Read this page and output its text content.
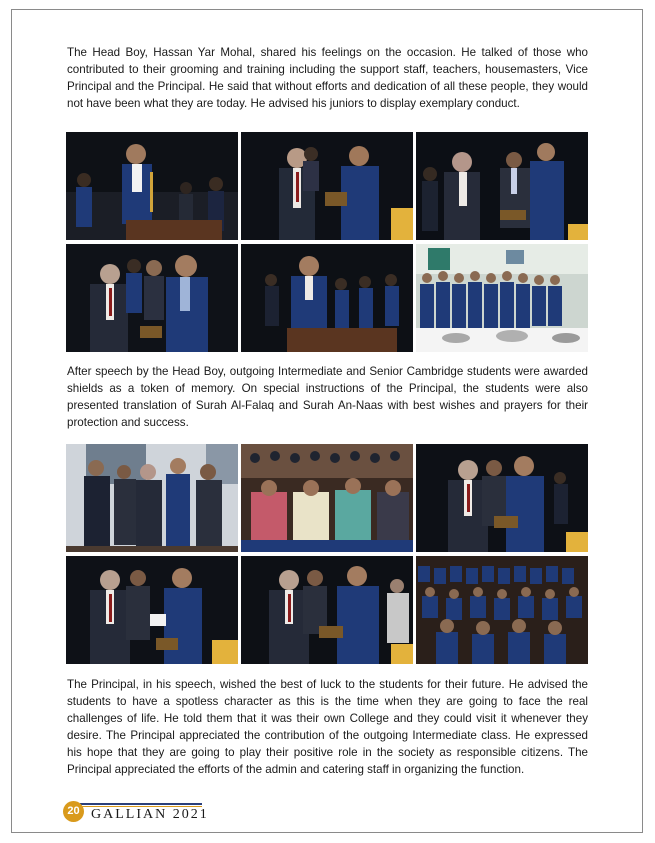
The Head Boy, Hassan Yar Mohal, shared his feelings on the occasion. He talked of those who contributed to their grooming and training including the support staff, teachers, housemasters, Vice Principal and the Principal. He said that without efforts and dedication of all these people, they would not have been what they are today. He advised his juniors to display exemplary conduct.

After speech by the Head Boy, outgoing Intermediate and Senior Cambridge students were awarded shields as a token of memory. On special instructions of the Principal, the students were also presented translation of Surah Al-Falaq and Surah An-Naas with best wishes and prayers for their protection and success.

The Principal, in his speech, wished the best of luck to the students for their future. He advised the students to have a spotless character as this is the time when they are going to face the real challenges of life. He told them that it was their own College and they could visit it whenever they desire. The Principal appreciated the contribution of the outgoing Intermediate class. He expressed his hope that they are going to play their positive role in the society as responsible citizens. The Principal appreciated the efforts of the admin and catering staff in organizing the function.

20 GALLIAN 2021
